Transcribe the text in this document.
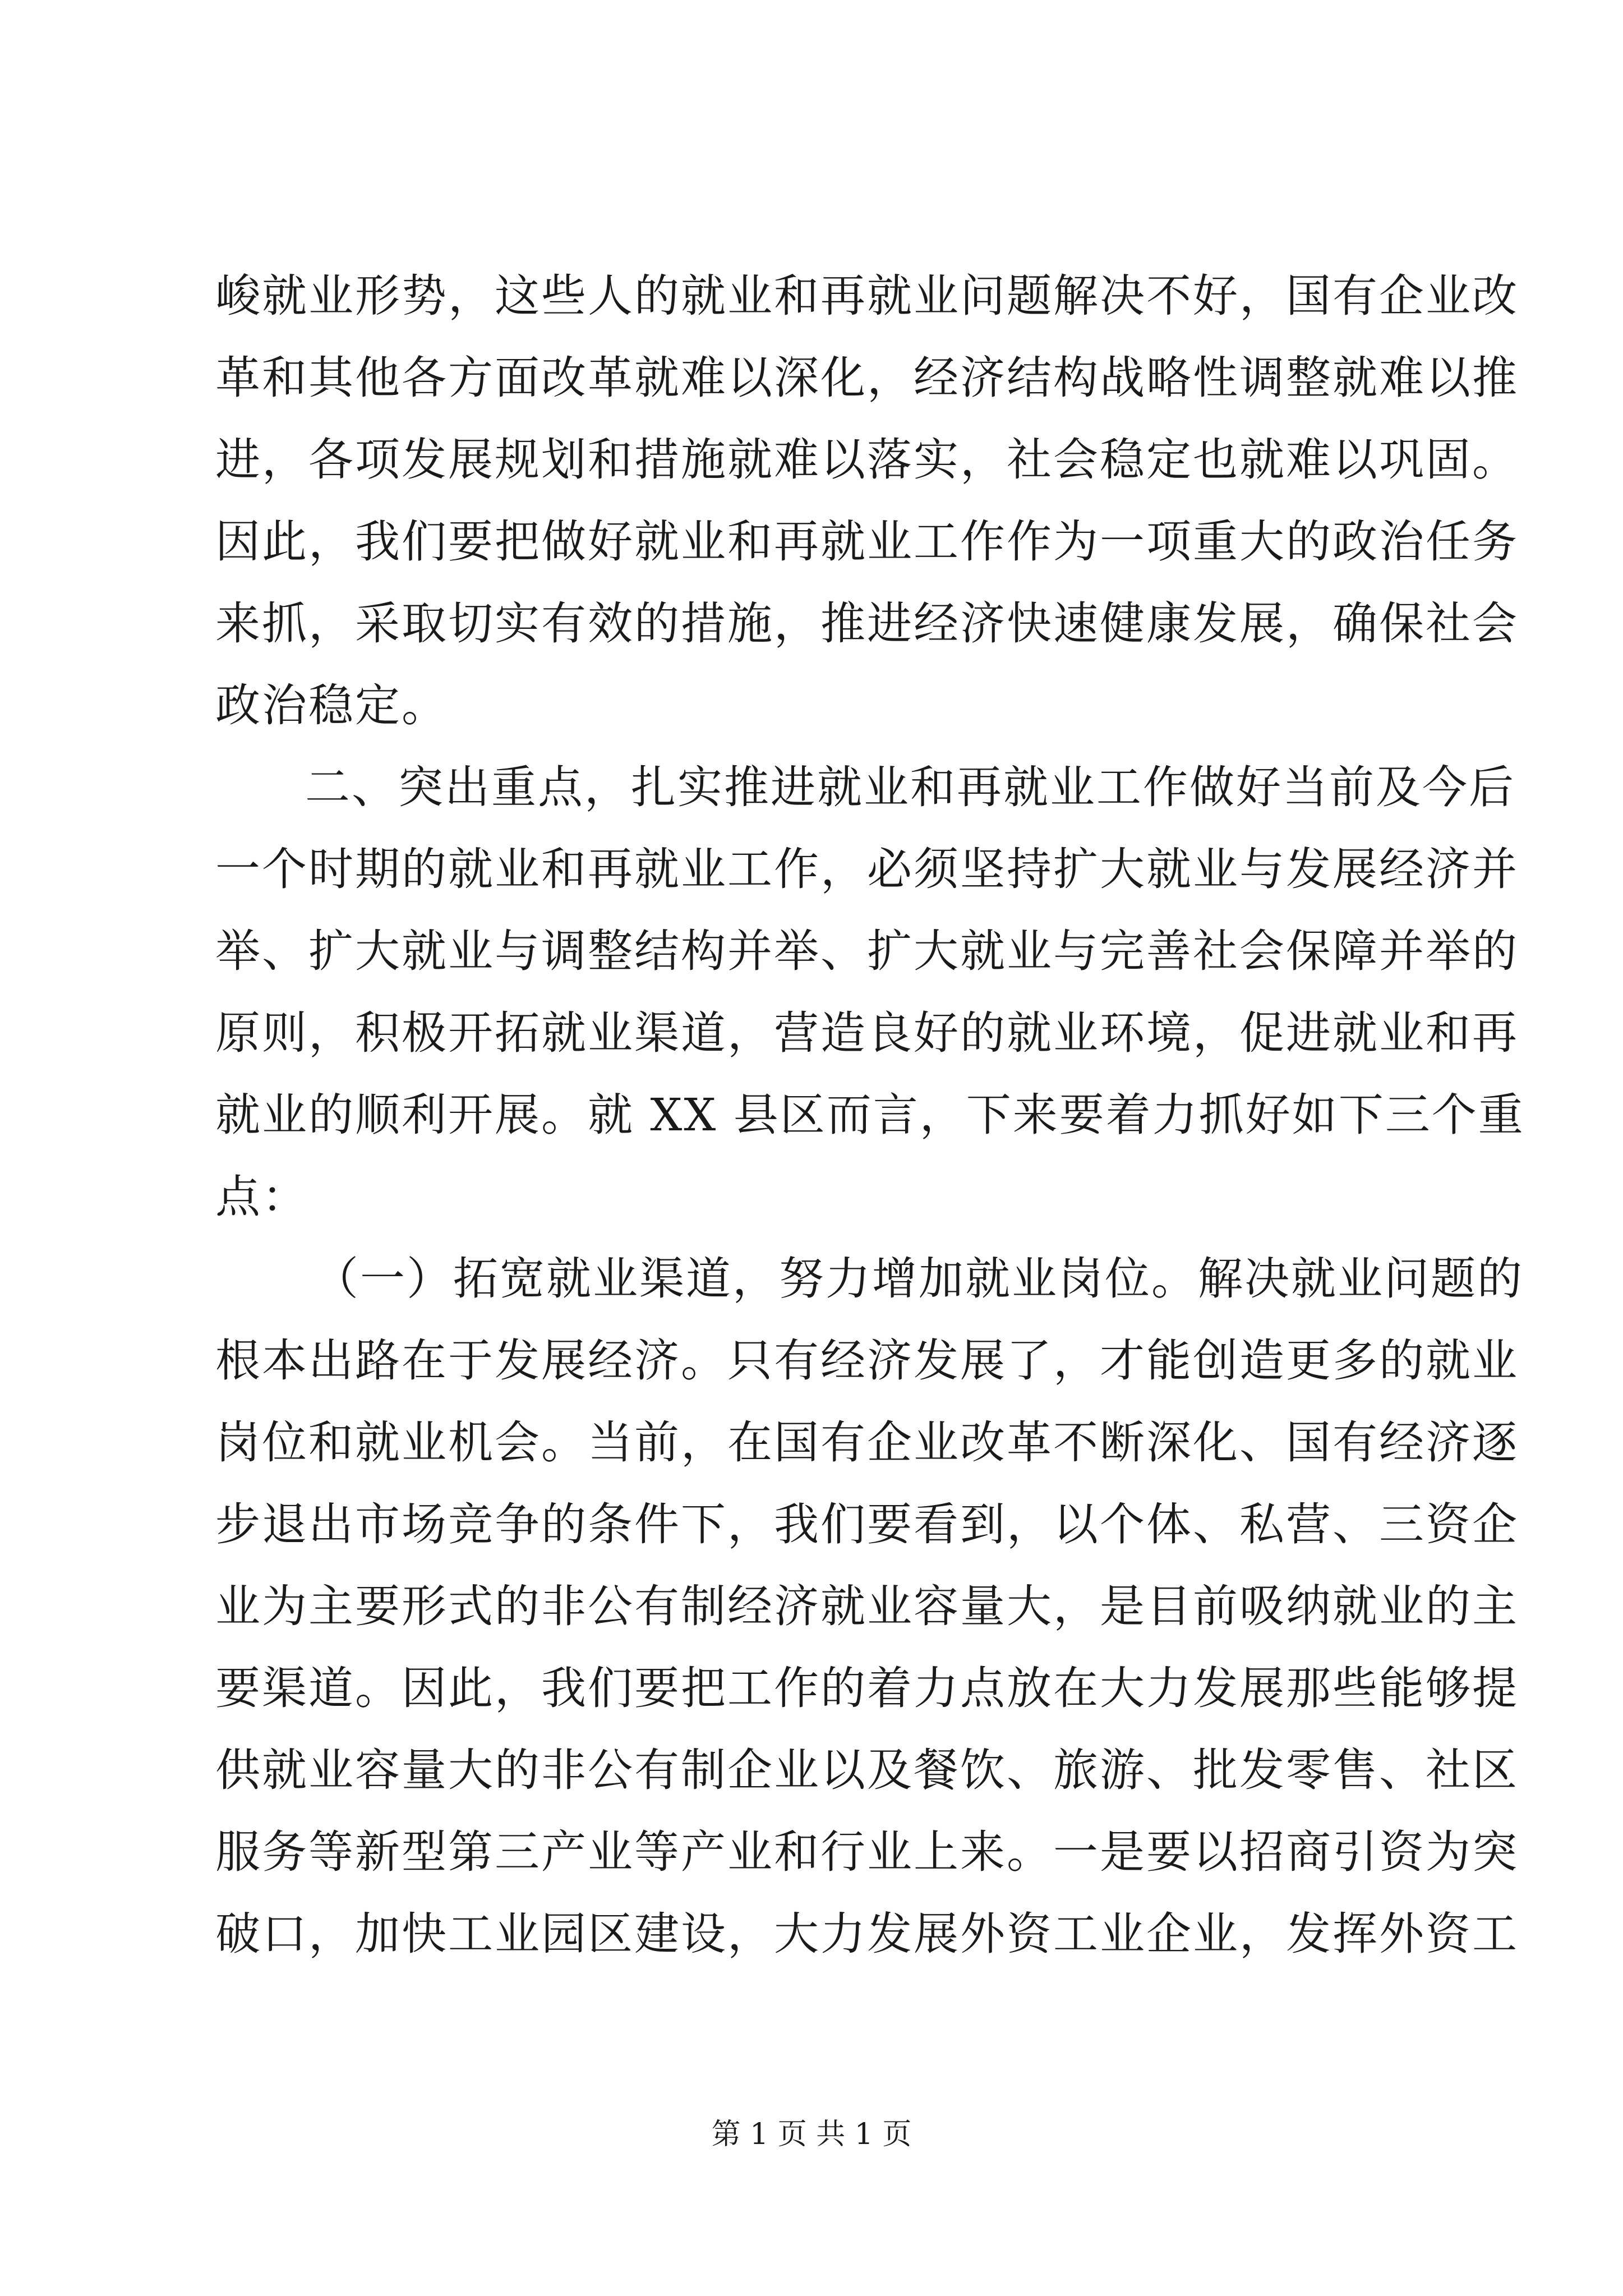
峻就业形势，这些人的就业和再就业问题解决不好，国有企业改
革和其他各方面改革就难以深化，经济结构战略性调整就难以推
进，各项发展规划和措施就难以落实，社会稳定也就难以巩固。
因此，我们要把做好就业和再就业工作作为一项重大的政治任务
来抓，采取切实有效的措施，推进经济快速健康发展，确保社会
政治稳定。
二、突出重点，扎实推进就业和再就业工作做好当前及今后
一个时期的就业和再就业工作，必须坚持扩大就业与发展经济并
举、扩大就业与调整结构并举、扩大就业与完善社会保障并举的
原则，积极开拓就业渠道，营造良好的就业环境，促进就业和再
就业的顺利开展。就 XX 县区而言，下来要着力抓好如下三个重
点：
（一）拓宽就业渠道，努力增加就业岗位。解决就业问题的
根本出路在于发展经济。只有经济发展了，才能创造更多的就业
岗位和就业机会。当前，在国有企业改革不断深化、国有经济逐
步退出市场竞争的条件下，我们要看到，以个体、私营、三资企
业为主要形式的非公有制经济就业容量大，是目前吸纳就业的主
要渠道。因此，我们要把工作的着力点放在大力发展那些能够提
供就业容量大的非公有制企业以及餐饮、旅游、批发零售、社区
服务等新型第三产业等产业和行业上来。一是要以招商引资为突
破口，加快工业园区建设，大力发展外资工业企业，发挥外资工
第 1 页 共 1 页
